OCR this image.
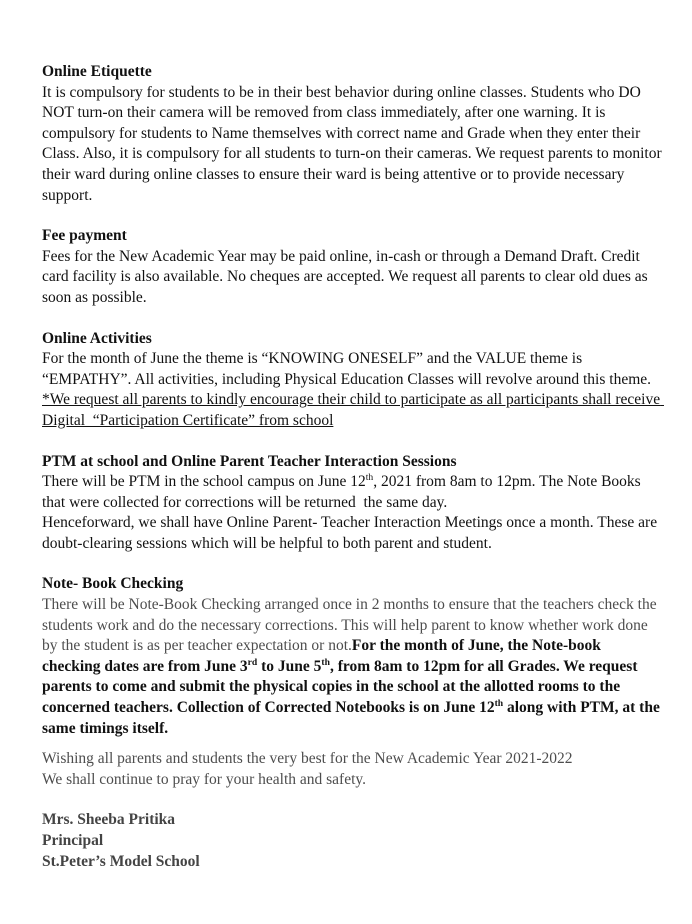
Online Etiquette

It is compulsory for students to be in their best behavior during online classes. Students who DO NOT turn-on their camera will be removed from class immediately, after one warning. It is compulsory for students to Name themselves with correct name and Grade when they enter their Class. Also, it is compulsory for all students to turn-on their cameras. We request parents to monitor their ward during online classes to ensure their ward is being attentive or to provide necessary support.

Fee payment

Fees for the New Academic Year may be paid online, in-cash or through a Demand Draft. Credit card facility is also available. No cheques are accepted. We request all parents to clear old dues as soon as possible.

Online Activities

For the month of June the theme is “KNOWING ONESELF” and the VALUE theme is “EMPATHY”. All activities, including Physical Education Classes will revolve around this theme.

*We request all parents to kindly encourage their child to participate as all participants shall receive Digital  “Participation Certificate” from school

PTM at school and Online Parent Teacher Interaction Sessions

There will be PTM in the school campus on June 12th, 2021 from 8am to 12pm. The Note Books that were collected for corrections will be returned  the same day.

Henceforward, we shall have Online Parent- Teacher Interaction Meetings once a month. These are doubt-clearing sessions which will be helpful to both parent and student.

Note- Book Checking

There will be Note-Book Checking arranged once in 2 months to ensure that the teachers check the students work and do the necessary corrections. This will help parent to know whether work done by the student is as per teacher expectation or not.For the month of June, the Note-book checking dates are from June 3rd to June 5th, from 8am to 12pm for all Grades. We request parents to come and submit the physical copies in the school at the allotted rooms to the concerned teachers. Collection of Corrected Notebooks is on June 12th along with PTM, at the same timings itself.

Wishing all parents and students the very best for the New Academic Year 2021-2022

We shall continue to pray for your health and safety.

Mrs. Sheeba Pritika

Principal

St.Peter’s Model School
